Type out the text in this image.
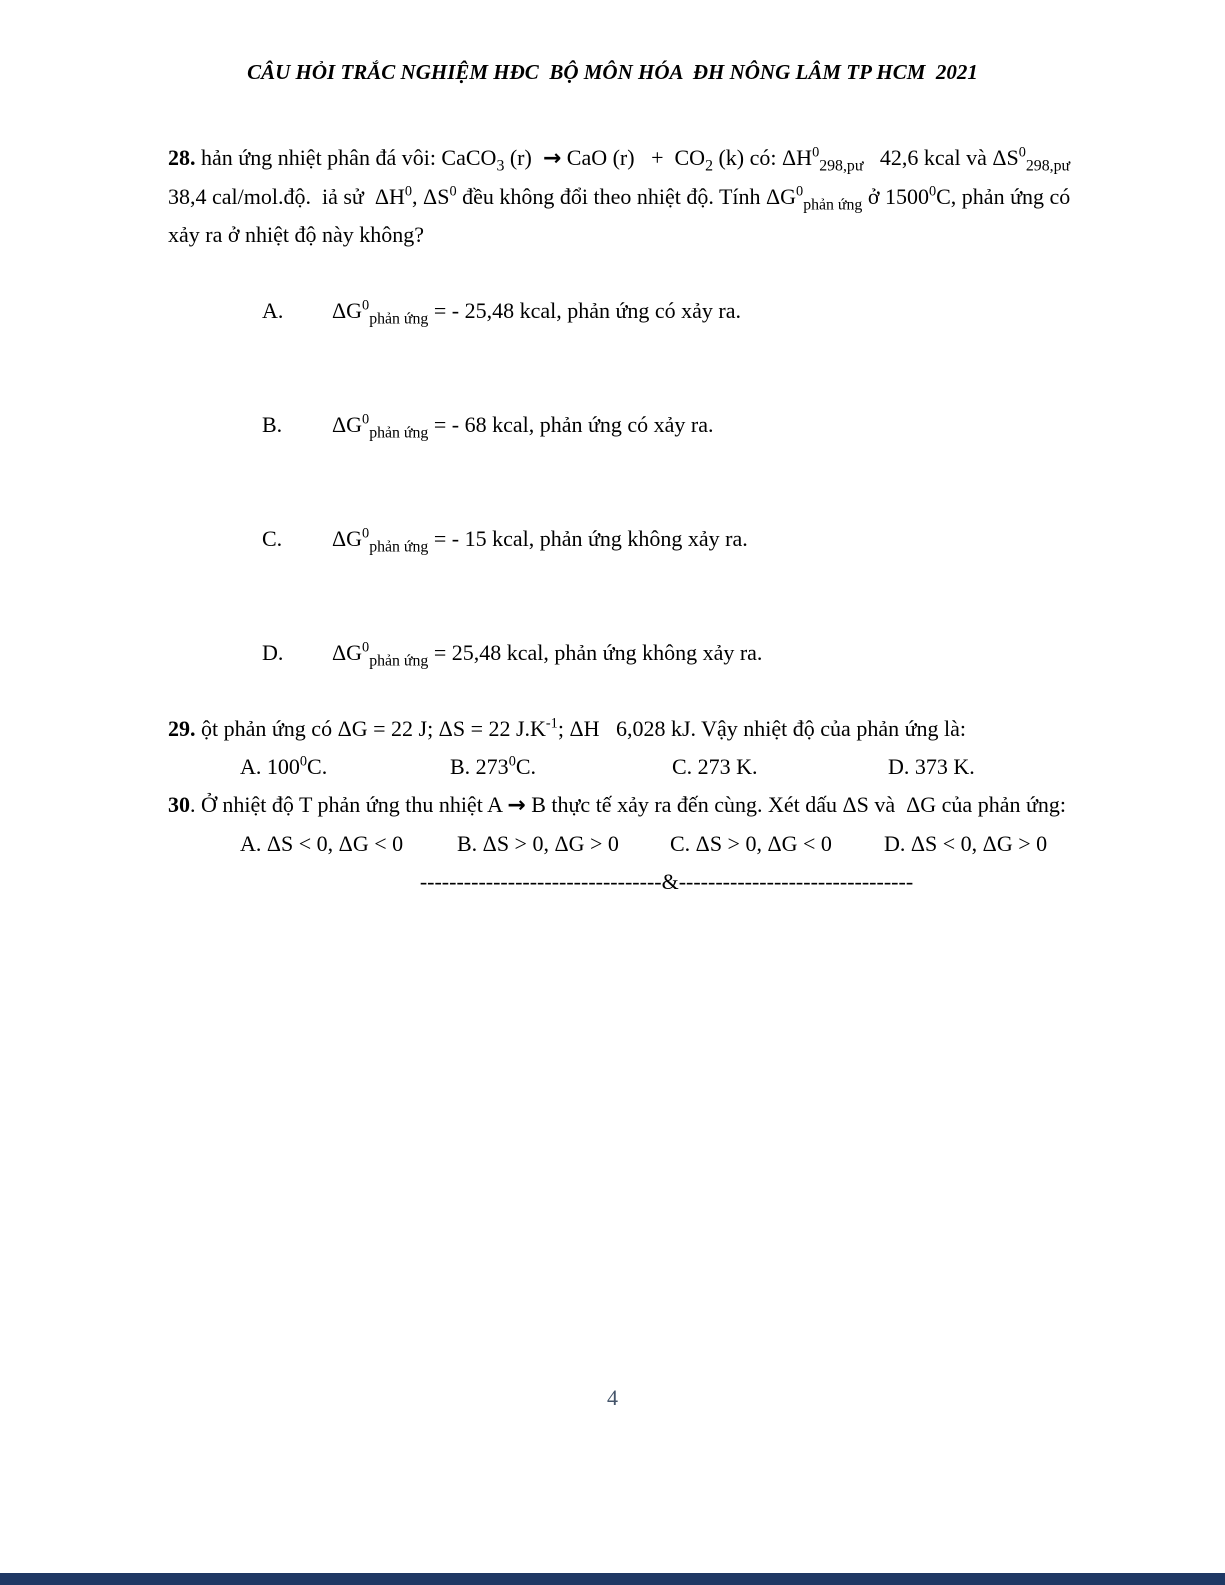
CÂU HỎI TRẮC NGHIỆM HĐC  BỘ MÔN HÓA  ĐH NÔNG LÂM TP HCM  2021

28. hản ứng nhiệt phân đá vôi: CaCO$_3$ (r)  → CaO $(r) + CO_2$ (k) có: $\Delta H^0_{298,pư}$   42,6 kcal và $\Delta S^0_{298,pư}$   38,4 cal/mol.độ.  iả sử  $\Delta H^0$, $\Delta S^0$ đều không đổi theo nhiệt độ. Tính $\Delta G^0_{phản ứng}$ ở 1500$^0$C, phản ứng có xảy ra ở nhiệt độ này không?

A. $\Delta G^0_{phản ứng}$ = - 25,48 kcal, phản ứng có xảy ra.

B. $\Delta G^0_{phản ứng}$ = - 68 kcal, phản ứng có xảy ra.

C. $\Delta G^0_{phản ứng}$ = - 15 kcal, phản ứng không xảy ra.

D. $\Delta G^0_{phản ứng} = 25,48$ kcal, phản ứng không xảy ra.

29. ột phản ứng có ΔG = 22 J; ΔS = 22 $J.K^{-1}$; ΔH   6,028 kJ. Vậy nhiệt độ của phản ứng là:

A. $100^0C$.	B. $273^0C$.	C. 273 K.	D. 373 K.

30. Ở nhiệt độ T phản ứng thu nhiệt A → B thực tế xảy ra đến cùng. Xét dấu ΔS và  ΔG của phản ứng:

A. ΔS < 0, ΔG < 0	B. ΔS > 0, ΔG > 0	C. ΔS > 0, ΔG < 0	D. ΔS < 0, ΔG > 0
---------------------------------&--------------------------------
4
